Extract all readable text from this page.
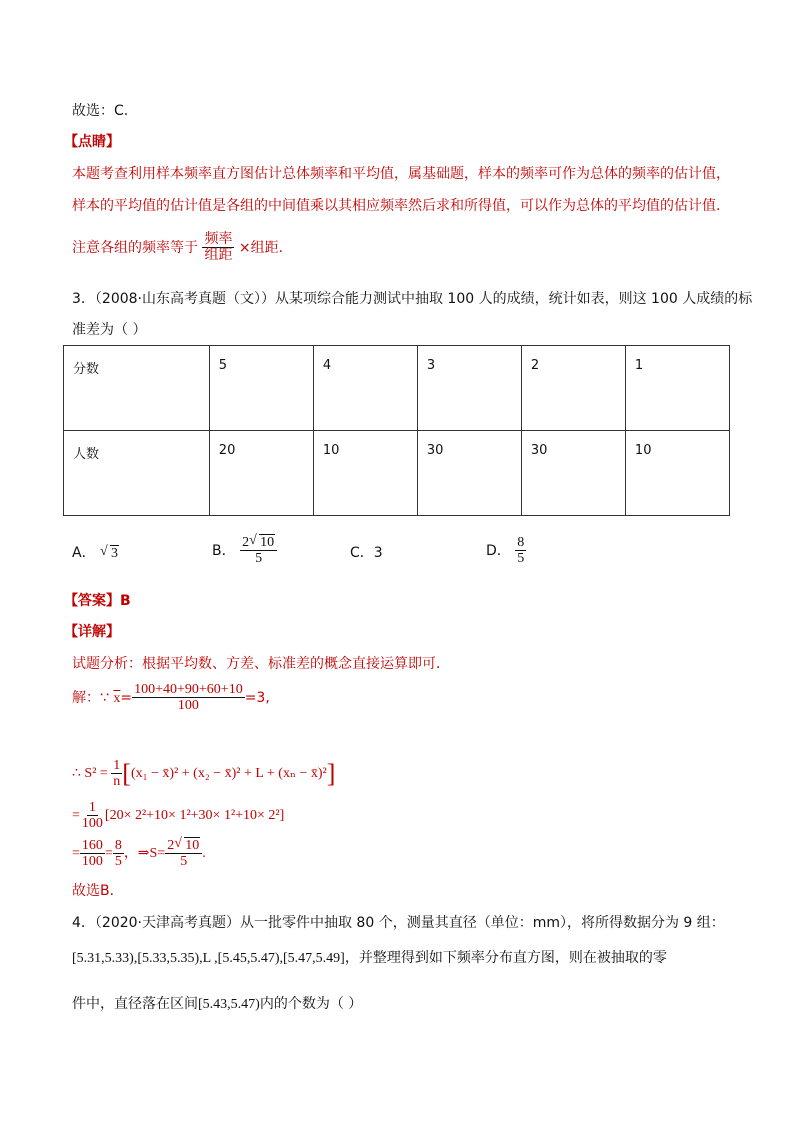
故选：C.
【点睛】
本题考查利用样本频率直方图估计总体频率和平均值，属基础题，样本的频率可作为总体的频率的估计值，
样本的平均值的估计值是各组的中间值乘以其相应频率然后求和所得值，可以作为总体的平均值的估计值.
注意各组的频率等于 $\frac{\text{频率}}{\text{组距}}$ ×组距.
3．（2008·山东高考真题（文））从某项综合能力测试中抽取 100 人的成绩，统计如表，则这 100 人成绩的标
准差为（ ）
分数	5	4	3	2	1
人数	20	10	30	30	10
A． √ 3	B． $\frac{2 √ 10}{5}$	C．3	D． $\frac{8}{5}$
【答案】B
【详解】
试题分析：根据平均数、方差、标准差的概念直接运算即可．
解：∵ $\overline{x}= \frac{100+40+90+60+10}{100} =3$,
∴ $S^2 = \frac{1}{n} [(x_1$ − x̄)² + (x₂ − x̄)² + L + (xₙ − x̄)²]
= $\frac{1}{100} [20\times 2^2+10\times 1^2+30\times 1^2+10\times 2^2]$
= $\frac{160}{100} = \frac{8}{5}$ ，⇒S= $\frac{2 √ 10}{5}$ .
故选B．
4．（2020·天津高考真题）从一批零件中抽取 80 个，测量其直径（单位：mm），将所得数据分为 9 组：
[5.31,5.33),[5.33,5.35),L ,[5.45,5.47),[5.47,5.49]，并整理得到如下频率分布直方图，则在被抽取的零
件中，直径落在区间[5.43,5.47)内的个数为（ ）
